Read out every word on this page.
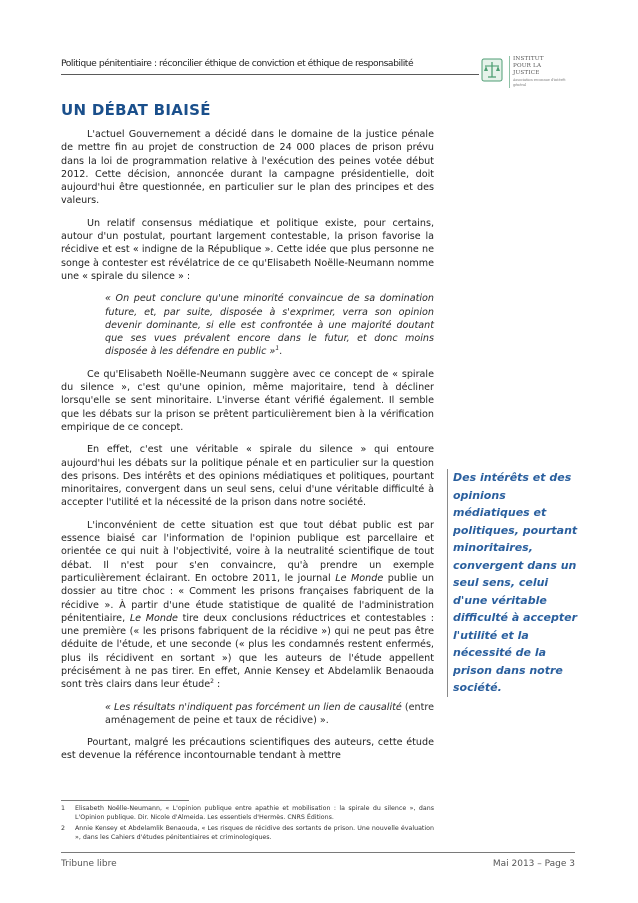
Politique pénitentiaire : réconcilier éthique de conviction et éthique de responsabilité	INSTITUT
POUR LA JUSTICE
Association reconnue d'intérêt général
UN DÉBAT BIAISÉ

L'actuel Gouvernement a décidé dans le domaine de la justice pénale de mettre fin au projet de construction de 24 000 places de prison prévu dans la loi de programmation relative à l'exécution des peines votée début 2012. Cette décision, annoncée durant la campagne présidentielle, doit aujourd'hui être questionnée, en particulier sur le plan des principes et des valeurs.

Un relatif consensus médiatique et politique existe, pour certains, autour d'un postulat, pourtant largement contestable, la prison favorise la récidive et est « indigne de la République ». Cette idée que plus personne ne songe à contester est révélatrice de ce qu'Elisabeth Noëlle-Neumann nomme une « spirale du silence » :

« On peut conclure qu'une minorité convaincue de sa domination future, et, par suite, disposée à s'exprimer, verra son opinion devenir dominante, si elle est confrontée à une majorité doutant que ses vues prévalent encore dans le futur, et donc moins disposée à les défendre en public »$^1$.

Ce qu'Elisabeth Noëlle-Neumann suggère avec ce concept de « spirale du silence », c'est qu'une opinion, même majoritaire, tend à décliner lorsqu'elle se sent minoritaire. L'inverse étant vérifié également. Il semble que les débats sur la prison se prêtent particulièrement bien à la vérification empirique de ce concept.

En effet, c'est une véritable « spirale du silence » qui entoure aujourd'hui les débats sur la politique pénale et en particulier sur la question des prisons. Des intérêts et des opinions médiatiques et politiques, pourtant minoritaires, convergent dans un seul sens, celui d'une véritable difficulté à accepter l'utilité et la nécessité de la prison dans notre société.

L'inconvénient de cette situation est que tout débat public est par essence biaisé car l'information de l'opinion publique est parcellaire et orientée ce qui nuit à l'objectivité, voire à la neutralité scientifique de tout débat. Il n'est pour s'en convaincre, qu'à prendre un exemple particulièrement éclairant. En octobre 2011, le journal Le Monde publie un dossier au titre choc : « Comment les prisons françaises fabriquent de la récidive ». À partir d'une étude statistique de qualité de l'administration pénitentiaire, Le Monde tire deux conclusions réductrices et contestables : une première (« les prisons fabriquent de la récidive ») qui ne peut pas être déduite de l'étude, et une seconde (« plus les condamnés restent enfermés, plus ils récidivent en sortant ») que les auteurs de l'étude appellent précisément à ne pas tirer. En effet, Annie Kensey et Abdelamlik Benaouda sont très clairs dans leur étude$^2$ :

« Les résultats n'indiquent pas forcément un lien de causalité (entre aménagement de peine et taux de récidive) ».

Pourtant, malgré les précautions scientifiques des auteurs, cette étude est devenue la référence incontournable tendant à mettre

Des intérêts et des opinions médiatiques et politiques, pourtant minoritaires, convergent dans un seul sens, celui d'une véritable difficulté à accepter l'utilité et la nécessité de la prison dans notre société.
1	Elisabeth Noëlle-Neumann, « L'opinion publique entre apathie et mobilisation : la spirale du silence », dans L'Opinion publique. Dir. Nicole d'Almeida. Les essentiels d'Hermès. CNRS Éditions.
2	Annie Kensey et Abdelamlik Benaouda, « Les risques de récidive des sortants de prison. Une nouvelle évaluation », dans les Cahiers d'études pénitentiaires et criminologiques.
Tribune libre	Mai 2013 – Page 3
